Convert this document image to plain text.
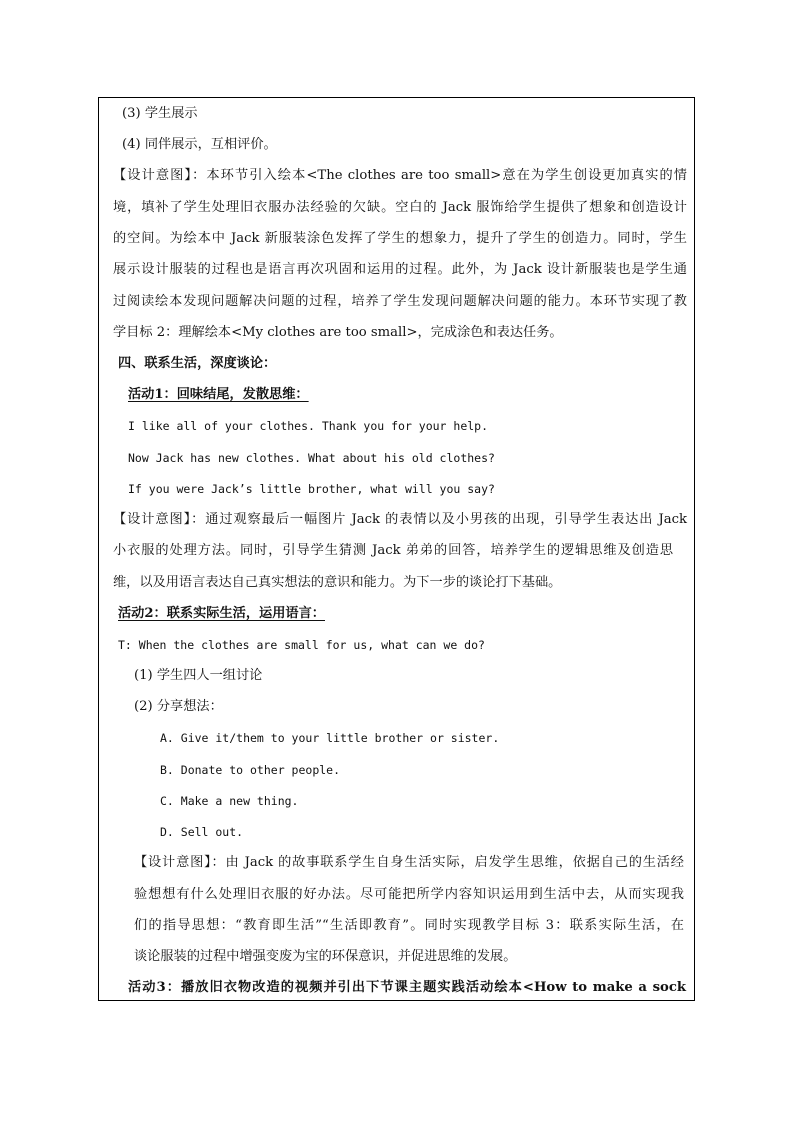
(3) 学生展示
(4) 同伴展示，互相评价。
【设计意图】：本环节引入绘本<The clothes are too small>意在为学生创设更加真实的情
境，填补了学生处理旧衣服办法经验的欠缺。空白的 Jack 服饰给学生提供了想象和创造设计
的空间。为绘本中 Jack 新服装涂色发挥了学生的想象力，提升了学生的创造力。同时，学生
展示设计服装的过程也是语言再次巩固和运用的过程。此外，为 Jack 设计新服装也是学生通
过阅读绘本发现问题解决问题的过程，培养了学生发现问题解决问题的能力。本环节实现了教
学目标 2：理解绘本<My clothes are too small>，完成涂色和表达任务。
四、联系生活，深度谈论：
活动1：回味结尾，发散思维：
I like all of your clothes. Thank you for your help.
Now Jack has new clothes. What about his old clothes?
If you were Jack’s little brother, what will you say?
【设计意图】：通过观察最后一幅图片 Jack 的表情以及小男孩的出现，引导学生表达出 Jack
小衣服的处理方法。同时，引导学生猜测 Jack 弟弟的回答，培养学生的逻辑思维及创造思
维，以及用语言表达自己真实想法的意识和能力。为下一步的谈论打下基础。
活动2：联系实际生活，运用语言：
T: When the clothes are small for us, what can we do?
(1) 学生四人一组讨论
(2) 分享想法：
A. Give it/them to your little brother or sister.
B. Donate to other people.
C. Make a new thing.
D. Sell out.
【设计意图】：由 Jack 的故事联系学生自身生活实际，启发学生思维，依据自己的生活经
验想想有什么处理旧衣服的好办法。尽可能把所学内容知识运用到生活中去，从而实现我
们的指导思想：“教育即生活”“生活即教育”。同时实现教学目标 3：联系实际生活，在
谈论服装的过程中增强变废为宝的环保意识，并促进思维的发展。
活动3：播放旧衣物改造的视频并引出下节课主题实践活动绘本<How to make a sock
